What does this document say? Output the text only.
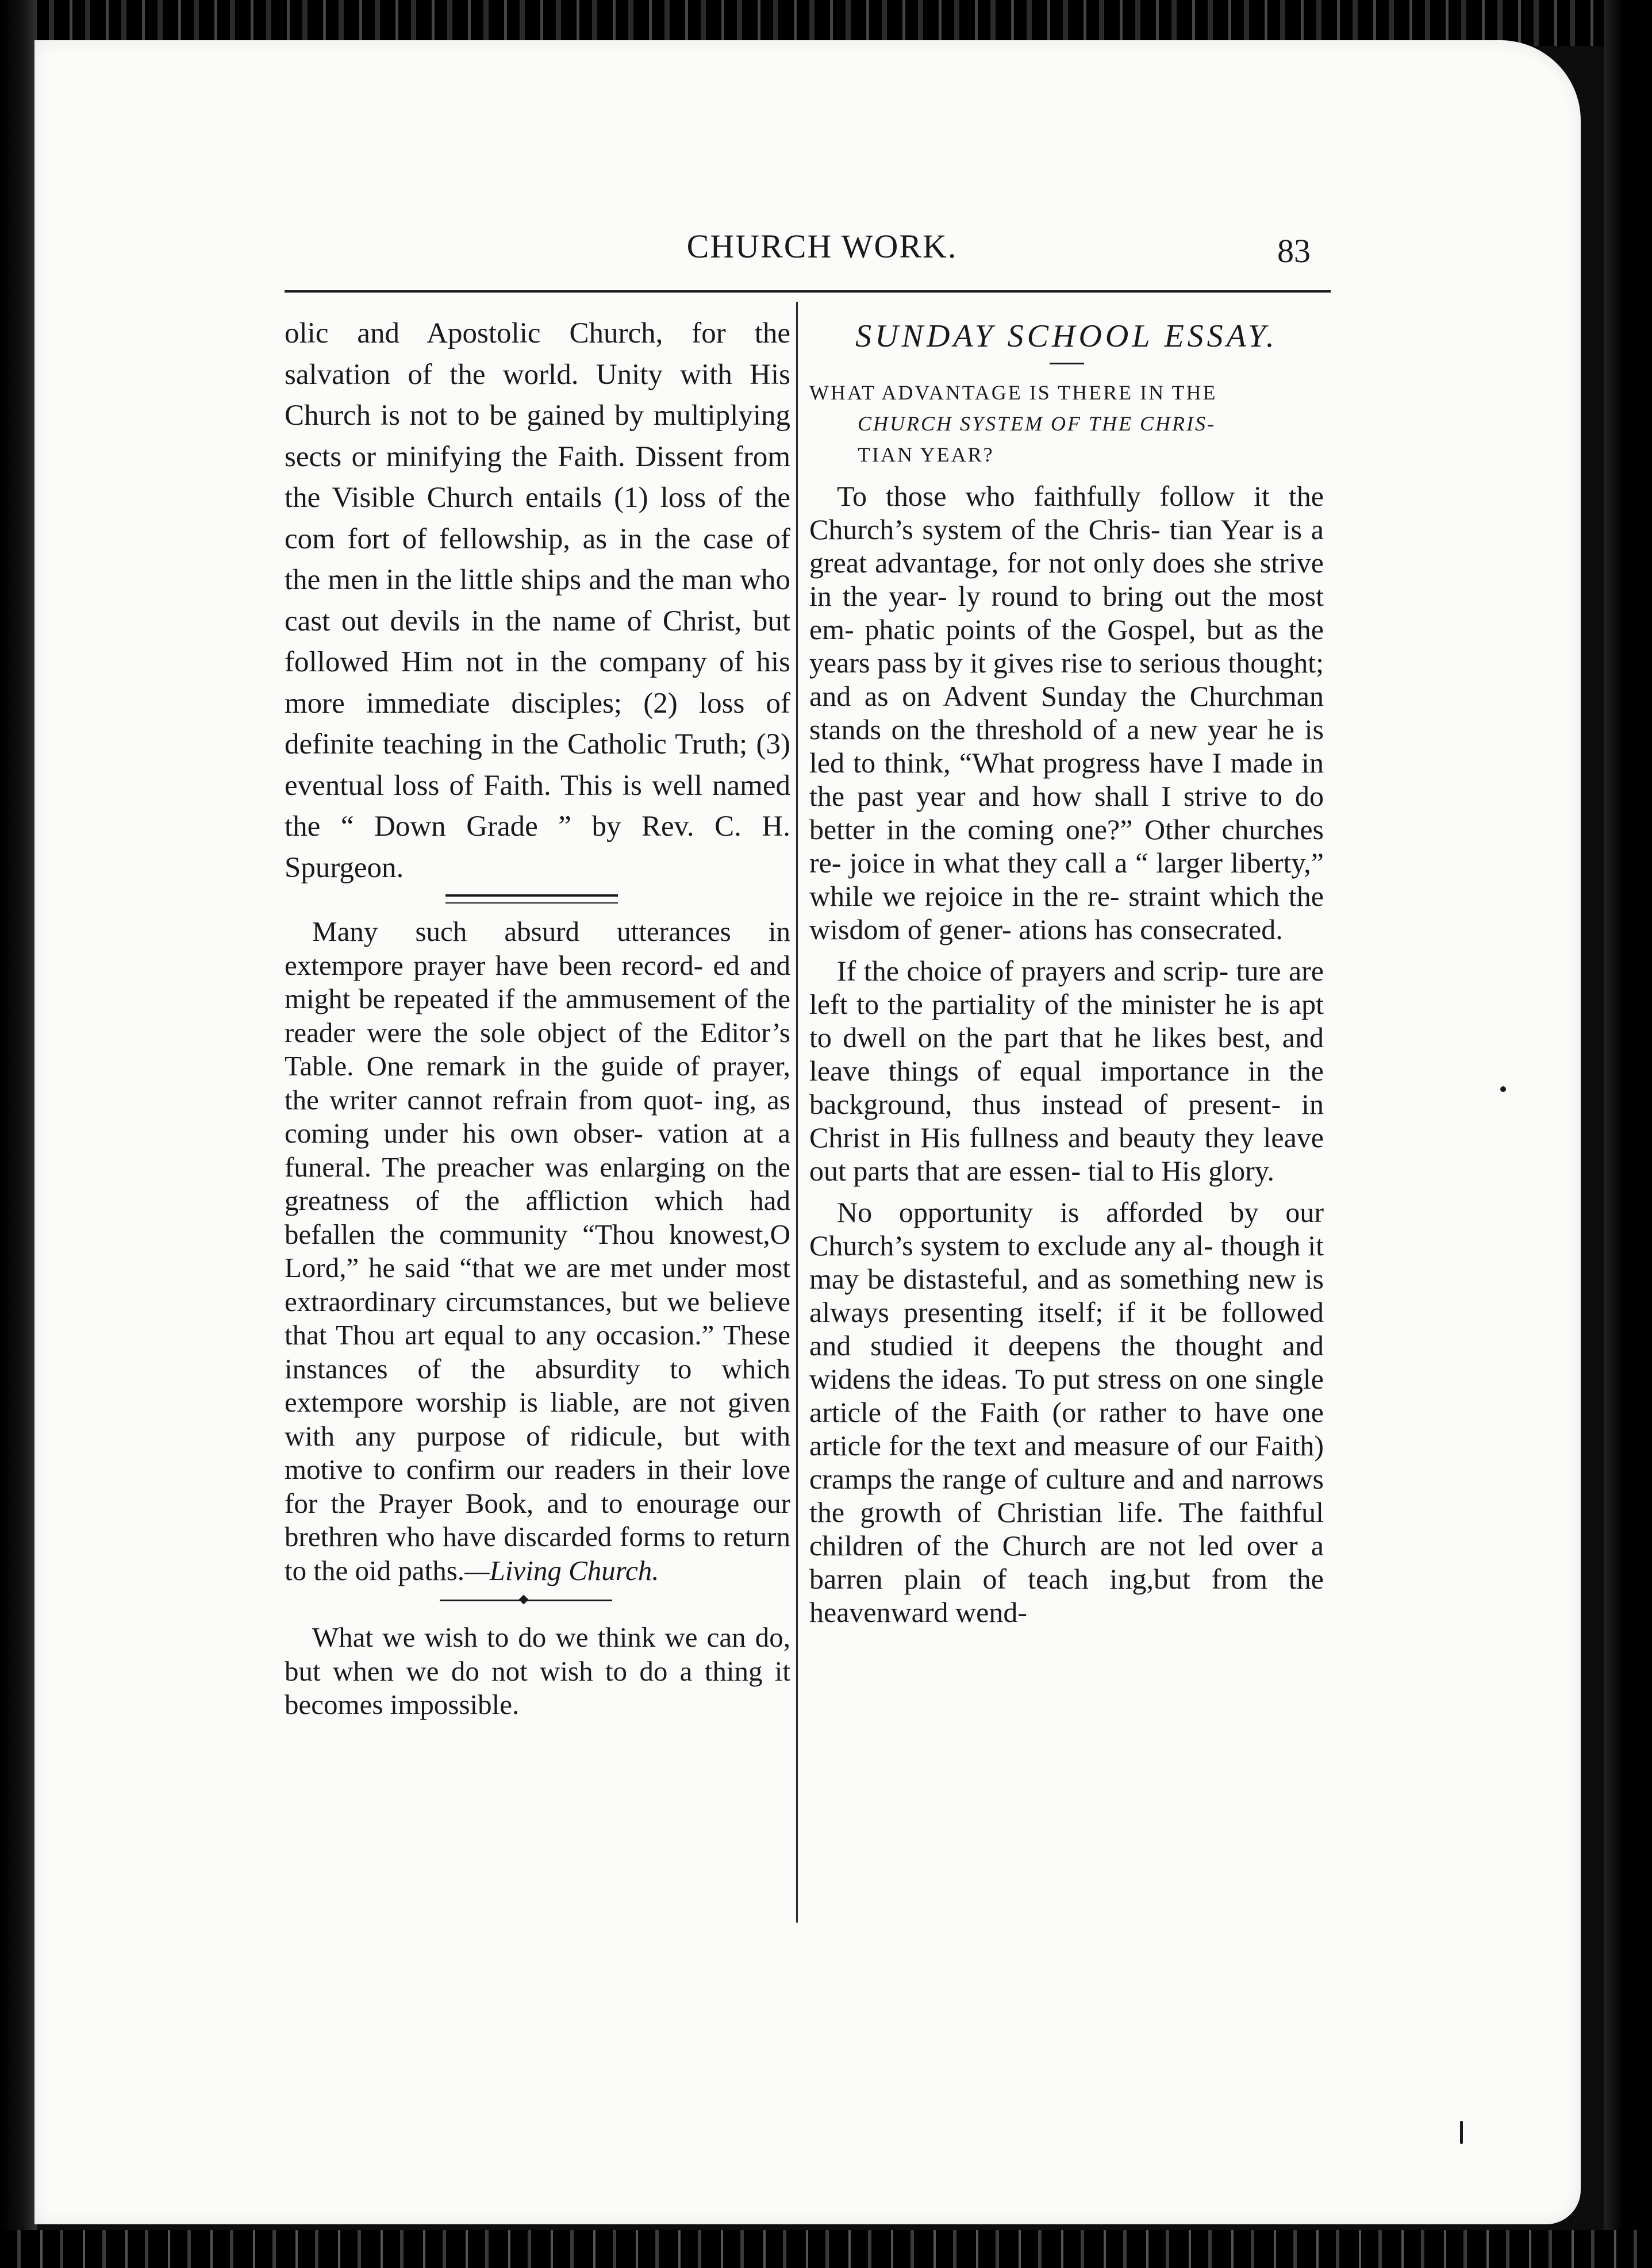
CHURCH WORK.	83

olic and Apostolic Church, for the salvation of the world. Unity with His Church is not to be gained by multiplying sects or minifying the Faith. Dissent from the Visible Church entails (1) loss of the com fort of fellowship, as in the case of the men in the little ships and the man who cast out devils in the name of Christ, but followed Him not in the company of his more immediate disciples; (2) loss of definite teaching in the Catholic Truth; (3) eventual loss of Faith. This is well named the “ Down Grade ” by Rev. C. H. Spurgeon.

Many such absurd utterances in extempore prayer have been record- ed and might be repeated if the ammusement of the reader were the sole object of the Editor’s Table. One remark in the guide of prayer, the writer cannot refrain from quot- ing, as coming under his own obser- vation at a funeral. The preacher was enlarging on the greatness of the affliction which had befallen the community “Thou knowest,O Lord,” he said “that we are met under most extraordinary circumstances, but we believe that Thou art equal to any occasion.” These instances of the absurdity to which extempore worship is liable, are not given with any purpose of ridicule, but with motive to confirm our readers in their love for the Prayer Book, and to enourage our brethren who have discarded forms to return to the oid paths.—Living Church.

What we wish to do we think we can do, but when we do not wish to do a thing it becomes impossible.

SUNDAY SCHOOL ESSAY.
WHAT ADVANTAGE IS THERE IN THE

CHURCH SYSTEM OF THE CHRIS-
TIAN YEAR?

To those who faithfully follow it the Church’s system of the Chris- tian Year is a great advantage, for not only does she strive in the year- ly round to bring out the most em- phatic points of the Gospel, but as the years pass by it gives rise to serious thought; and as on Advent Sunday the Churchman stands on the threshold of a new year he is led to think, “What progress have I made in the past year and how shall I strive to do better in the coming one?” Other churches re- joice in what they call a “ larger liberty,” while we rejoice in the re- straint which the wisdom of gener- ations has consecrated.

If the choice of prayers and scrip- ture are left to the partiality of the minister he is apt to dwell on the part that he likes best, and leave things of equal importance in the background, thus instead of present- in Christ in His fullness and beauty they leave out parts that are essen- tial to His glory.

No opportunity is afforded by our Church’s system to exclude any al- though it may be distasteful, and as something new is always presenting itself; if it be followed and studied it deepens the thought and widens the ideas. To put stress on one single article of the Faith (or rather to have one article for the text and measure of our Faith) cramps the range of culture and and narrows the growth of Christian life. The faithful children of the Church are not led over a barren plain of teach ing,but from the heavenward wend-
